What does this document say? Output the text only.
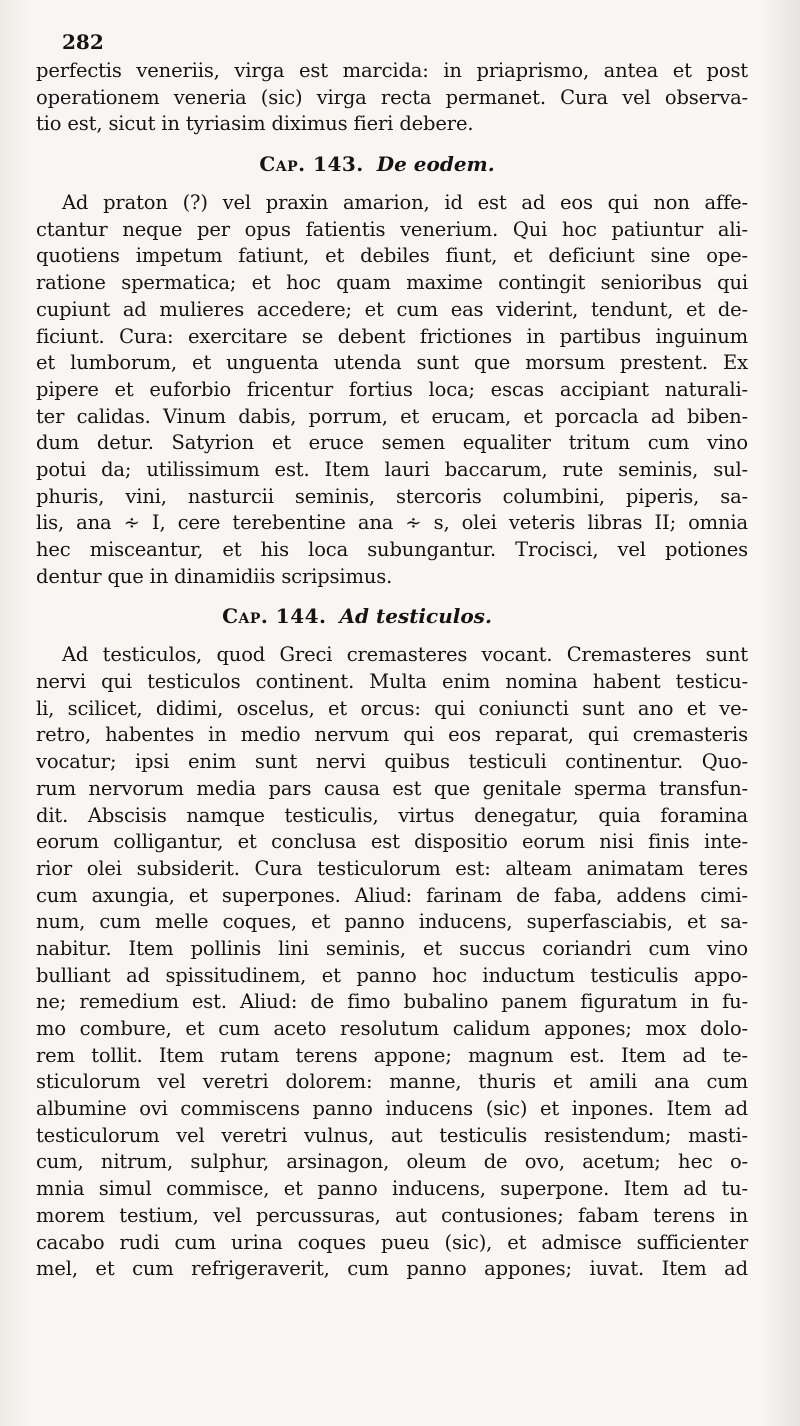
282
perfectis veneriis, virga est marcida: in priaprismo, antea et post
operationem veneria (sic) virga recta permanet. Cura vel observa-
tio est, sicut in tyriasim diximus fieri debere.
Cap. 143. De eodem.
Ad praton (?) vel praxin amarion, id est ad eos qui non affe-
ctantur neque per opus fatientis venerium. Qui hoc patiuntur ali-
quotiens impetum fatiunt, et debiles fiunt, et deficiunt sine ope-
ratione spermatica; et hoc quam maxime contingit senioribus qui
cupiunt ad mulieres accedere; et cum eas viderint, tendunt, et de-
ficiunt. Cura: exercitare se debent frictiones in partibus inguinum
et lumborum, et unguenta utenda sunt que morsum prestent. Ex
pipere et euforbio fricentur fortius loca; escas accipiant naturali-
ter calidas. Vinum dabis, porrum, et erucam, et porcacla ad biben-
dum detur. Satyrion et eruce semen equaliter tritum cum vino
potui da; utilissimum est. Item lauri baccarum, rute seminis, sul-
phuris, vini, nasturcii seminis, stercoris columbini, piperis, sa-
lis, ana ∻ I, cere terebentine ana ∻ s, olei veteris libras II; omnia
hec misceantur, et his loca subungantur. Trocisci, vel potiones
dentur que in dinamidiis scripsimus.
Cap. 144. Ad testiculos.
Ad testiculos, quod Greci cremasteres vocant. Cremasteres sunt
nervi qui testiculos continent. Multa enim nomina habent testicu-
li, scilicet, didimi, oscelus, et orcus: qui coniuncti sunt ano et ve-
retro, habentes in medio nervum qui eos reparat, qui cremasteris
vocatur; ipsi enim sunt nervi quibus testiculi continentur. Quo-
rum nervorum media pars causa est que genitale sperma transfun-
dit. Abscisis namque testiculis, virtus denegatur, quia foramina
eorum colligantur, et conclusa est dispositio eorum nisi finis inte-
rior olei subsiderit. Cura testiculorum est: alteam animatam teres
cum axungia, et superpones. Aliud: farinam de faba, addens cimi-
num, cum melle coques, et panno inducens, superfasciabis, et sa-
nabitur. Item pollinis lini seminis, et succus coriandri cum vino
bulliant ad spissitudinem, et panno hoc inductum testiculis appo-
ne; remedium est. Aliud: de fimo bubalino panem figuratum in fu-
mo combure, et cum aceto resolutum calidum appones; mox dolo-
rem tollit. Item rutam terens appone; magnum est. Item ad te-
sticulorum vel veretri dolorem: manne, thuris et amili ana cum
albumine ovi commiscens panno inducens (sic) et inpones. Item ad
testiculorum vel veretri vulnus, aut testiculis resistendum; masti-
cum, nitrum, sulphur, arsinagon, oleum de ovo, acetum; hec o-
mnia simul commisce, et panno inducens, superpone. Item ad tu-
morem testium, vel percussuras, aut contusiones; fabam terens in
cacabo rudi cum urina coques pueu (sic), et admisce sufficienter
mel, et cum refrigeraverit, cum panno appones; iuvat. Item ad
